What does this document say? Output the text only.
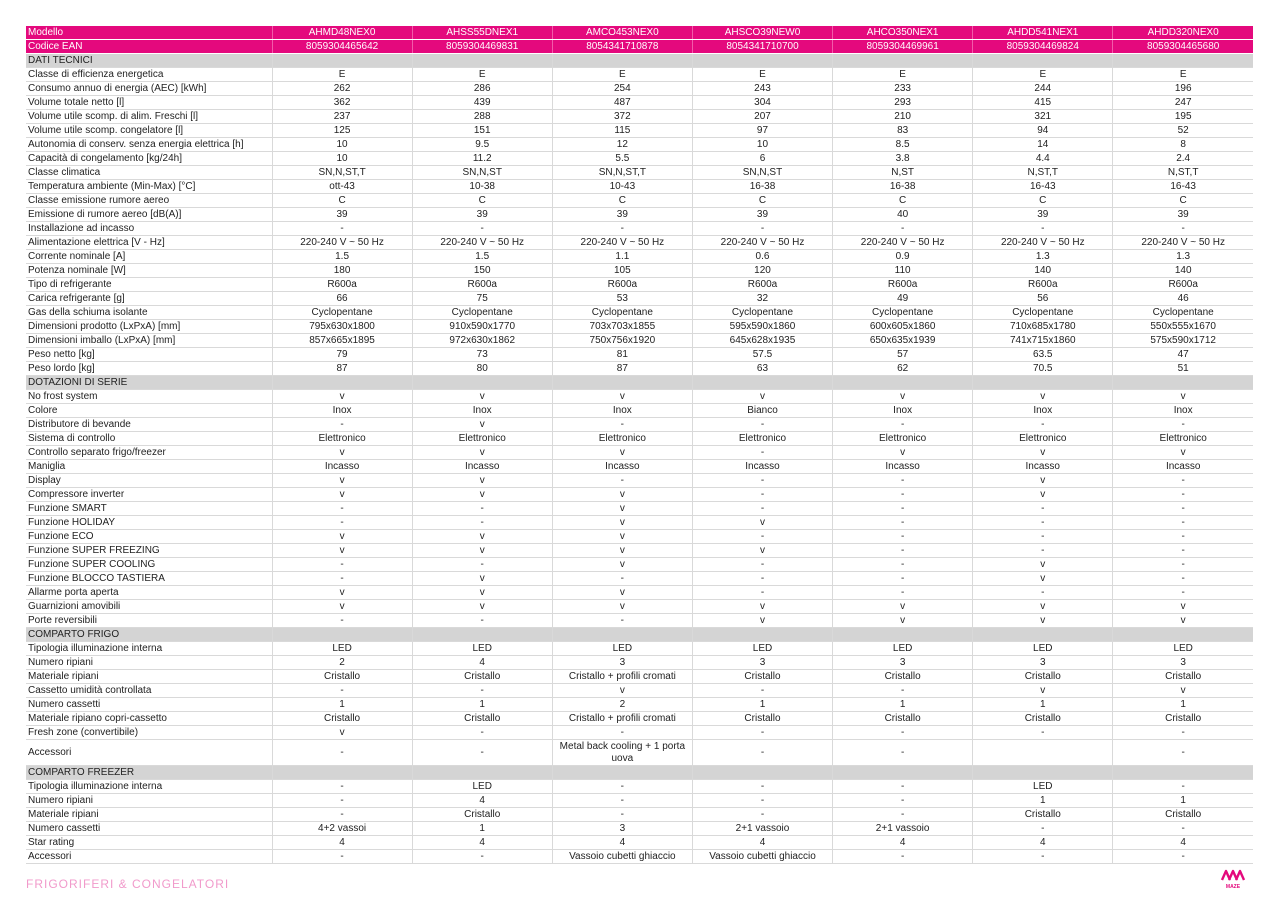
Modello	AHMD48NEX0	AHSS55DNEX1	AMCO453NEX0	AHSCO39NEW0	AHCO350NEX1	AHDD541NEX1	AHDD320NEX0
Codice EAN	8059304465642	8059304469831	8054341710878	8054341710700	8059304469961	8059304469824	8059304465680
DATI TECNICI							
Classe di efficienza energetica	E	E	E	E	E	E	E
Consumo annuo di energia (AEC) [kWh]	262	286	254	243	233	244	196
Volume totale netto [l]	362	439	487	304	293	415	247
Volume utile scomp. di alim. Freschi [l]	237	288	372	207	210	321	195
Volume utile scomp. congelatore [l]	125	151	115	97	83	94	52
Autonomia di conserv. senza energia elettrica [h]	10	9.5	12	10	8.5	14	8
Capacità di congelamento [kg/24h]	10	11.2	5.5	6	3.8	4.4	2.4
Classe climatica	SN,N,ST,T	SN,N,ST	SN,N,ST,T	SN,N,ST	N,ST	N,ST,T	N,ST,T
Temperatura ambiente (Min-Max) [°C]	ott-43	10-38	10-43	16-38	16-38	16-43	16-43
Classe emissione rumore aereo	C	C	C	C	C	C	C
Emissione di rumore aereo [dB(A)]	39	39	39	39	40	39	39
Installazione ad incasso	-	-	-	-	-	-	-
Alimentazione elettrica [V - Hz]	220-240 V ~ 50 Hz	220-240 V ~ 50 Hz	220-240 V ~ 50 Hz	220-240 V ~ 50 Hz	220-240 V ~ 50 Hz	220-240 V ~ 50 Hz	220-240 V ~ 50 Hz
Corrente nominale [A]	1.5	1.5	1.1	0.6	0.9	1.3	1.3
Potenza nominale [W]	180	150	105	120	110	140	140
Tipo di refrigerante	R600a	R600a	R600a	R600a	R600a	R600a	R600a
Carica refrigerante [g]	66	75	53	32	49	56	46
Gas della schiuma isolante	Cyclopentane	Cyclopentane	Cyclopentane	Cyclopentane	Cyclopentane	Cyclopentane	Cyclopentane
Dimensioni prodotto (LxPxA) [mm]	795x630x1800	910x590x1770	703x703x1855	595x590x1860	600x605x1860	710x685x1780	550x555x1670
Dimensioni imballo (LxPxA) [mm]	857x665x1895	972x630x1862	750x756x1920	645x628x1935	650x635x1939	741x715x1860	575x590x1712
Peso netto [kg]	79	73	81	57.5	57	63.5	47
Peso lordo [kg]	87	80	87	63	62	70.5	51
DOTAZIONI DI SERIE							
No frost system	v	v	v	v	v	v	v
Colore	Inox	Inox	Inox	Bianco	Inox	Inox	Inox
Distributore di bevande	-	v	-	-	-	-	-
Sistema di controllo	Elettronico	Elettronico	Elettronico	Elettronico	Elettronico	Elettronico	Elettronico
Controllo separato frigo/freezer	v	v	v	-	v	v	v
Maniglia	Incasso	Incasso	Incasso	Incasso	Incasso	Incasso	Incasso
Display	v	v	-	-	-	v	-
Compressore inverter	v	v	v	-	-	v	-
Funzione SMART	-	-	v	-	-	-	-
Funzione HOLIDAY	-	-	v	v	-	-	-
Funzione ECO	v	v	v	-	-	-	-
Funzione SUPER FREEZING	v	v	v	v	-	-	-
Funzione SUPER COOLING	-	-	v	-	-	v	-
Funzione BLOCCO TASTIERA	-	v	-	-	-	v	-
Allarme porta aperta	v	v	v	-	-	-	-
Guarnizioni amovibili	v	v	v	v	v	v	v
Porte reversibili	-	-	-	v	v	v	v
COMPARTO FRIGO							
Tipologia illuminazione interna	LED	LED	LED	LED	LED	LED	LED
Numero ripiani	2	4	3	3	3	3	3
Materiale ripiani	Cristallo	Cristallo	Cristallo + profili cromati	Cristallo	Cristallo	Cristallo	Cristallo
Cassetto umidità controllata	-	-	v	-	-	v	v
Numero cassetti	1	1	2	1	1	1	1
Materiale ripiano copri-cassetto	Cristallo	Cristallo	Cristallo + profili cromati	Cristallo	Cristallo	Cristallo	Cristallo
Fresh zone (convertibile)	v	-	-	-	-	-	-
Accessori	-	-	Metal back cooling + 1 porta uova	-	-		-
COMPARTO FREEZER							
Tipologia illuminazione interna	-	LED	-	-	-	LED	-
Numero ripiani	-	4	-	-	-	1	1
Materiale ripiani	-	Cristallo	-	-	-	Cristallo	Cristallo
Numero cassetti	4+2 vassoi	1	3	2+1 vassoio	2+1 vassoio	-	-
Star rating	4	4	4	4	4	4	4
Accessori	-	-	Vassoio cubetti ghiaccio	Vassoio cubetti ghiaccio	-	-	-
FRIGORIFERI & CONGELATORI	MAZE
